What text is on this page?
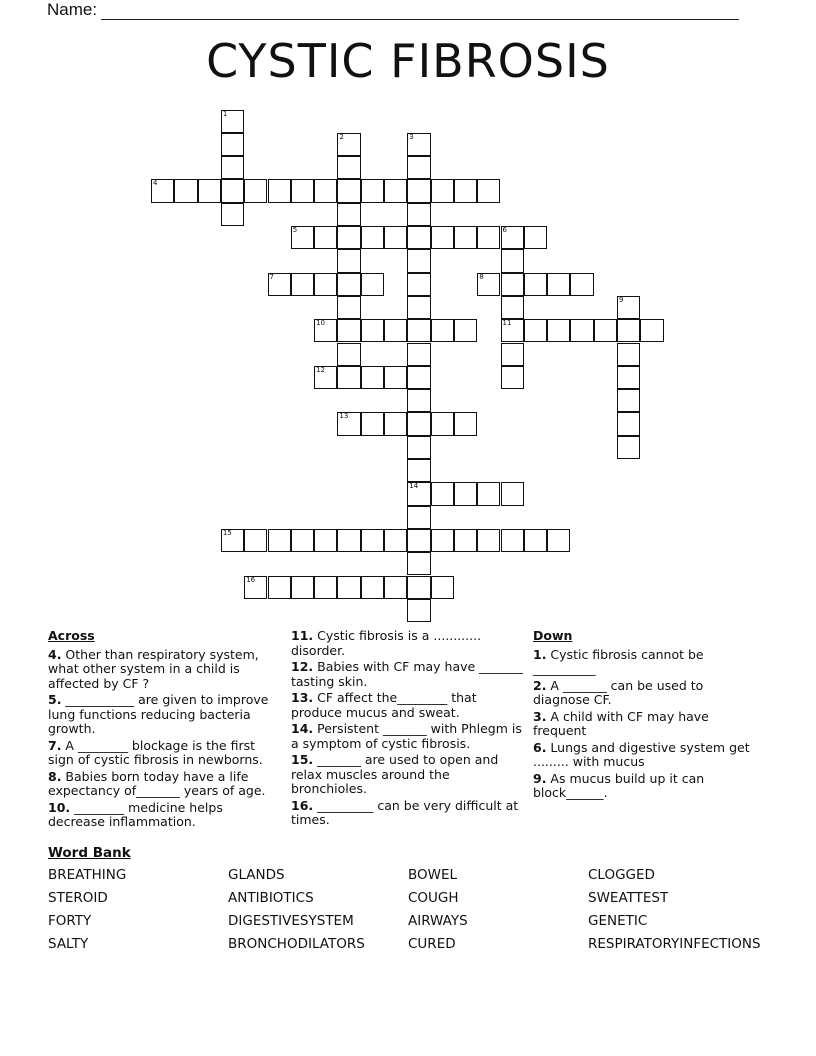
Name:
CYSTIC FIBROSIS
1
2	3
14
4
5	6
11
7	8
9
10
12
13
15
16
Across
4. Other than respiratory system, what other system in a child is affected by CF ?
5. ___________ are given to improve lung functions reducing bacteria growth.
7. A ________ blockage is the first sign of cystic fibrosis in newborns.
8. Babies born today have a life expectancy of_______ years of age.
10. ________ medicine helps decrease inflammation.
11. Cystic fibrosis is a ............ disorder.
12. Babies with CF may have _______ tasting skin.
13. CF affect the________ that produce mucus and sweat.
14. Persistent _______ with Phlegm is a symptom of cystic fibrosis.
15. _______ are used to open and relax muscles around the bronchioles.
16. _________ can be very difficult at times.
Down
1. Cystic fibrosis cannot be __________
2. A _______ can be used to diagnose CF.
3. A child with CF may have frequent
6. Lungs and digestive system get ......... with mucus
9. As mucus build up it can block______.
Word Bank
BREATHING	GLANDS	BOWEL	CLOGGED
STEROID	ANTIBIOTICS	COUGH	SWEATTEST
FORTY	DIGESTIVESYSTEM	AIRWAYS	GENETIC
SALTY	BRONCHODILATORS	CURED	RESPIRATORYINFECTIONS
